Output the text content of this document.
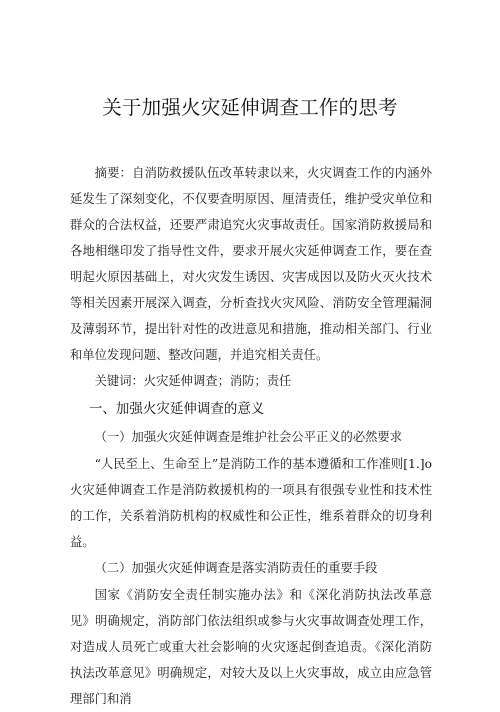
关于加强火灾延伸调查工作的思考

摘要：自消防救援队伍改革转隶以来，火灾调查工作的内涵外延发生了深刻变化，不仅要查明原因、厘清责任，维护受灾单位和群众的合法权益，还要严肃追究火灾事故责任。国家消防救援局和各地相继印发了指导性文件，要求开展火灾延伸调查工作，要在查明起火原因基础上，对火灾发生诱因、灾害成因以及防火灭火技术等相关因素开展深入调查，分析查找火灾风险、消防安全管理漏洞及薄弱环节，提出针对性的改进意见和措施，推动相关部门、行业和单位发现问题、整改问题，并追究相关责任。

关键词：火灾延伸调查；消防；责任

一、加强火灾延伸调查的意义

（一）加强火灾延伸调查是维护社会公平正义的必然要求

“人民至上、生命至上”是消防工作的基本遵循和工作准则[1.]o火灾延伸调查工作是消防救援机构的一项具有很强专业性和技术性的工作，关系着消防机构的权威性和公正性，维系着群众的切身利益。

（二）加强火灾延伸调查是落实消防责任的重要手段

国家《消防安全责任制实施办法》和《深化消防执法改革意见》明确规定，消防部门依法组织或参与火灾事故调查处理工作，对造成人员死亡或重大社会影响的火灾逐起倒查追责。《深化消防执法改革意见》明确规定，对较大及以上火灾事故，成立由应急管理部门和消
